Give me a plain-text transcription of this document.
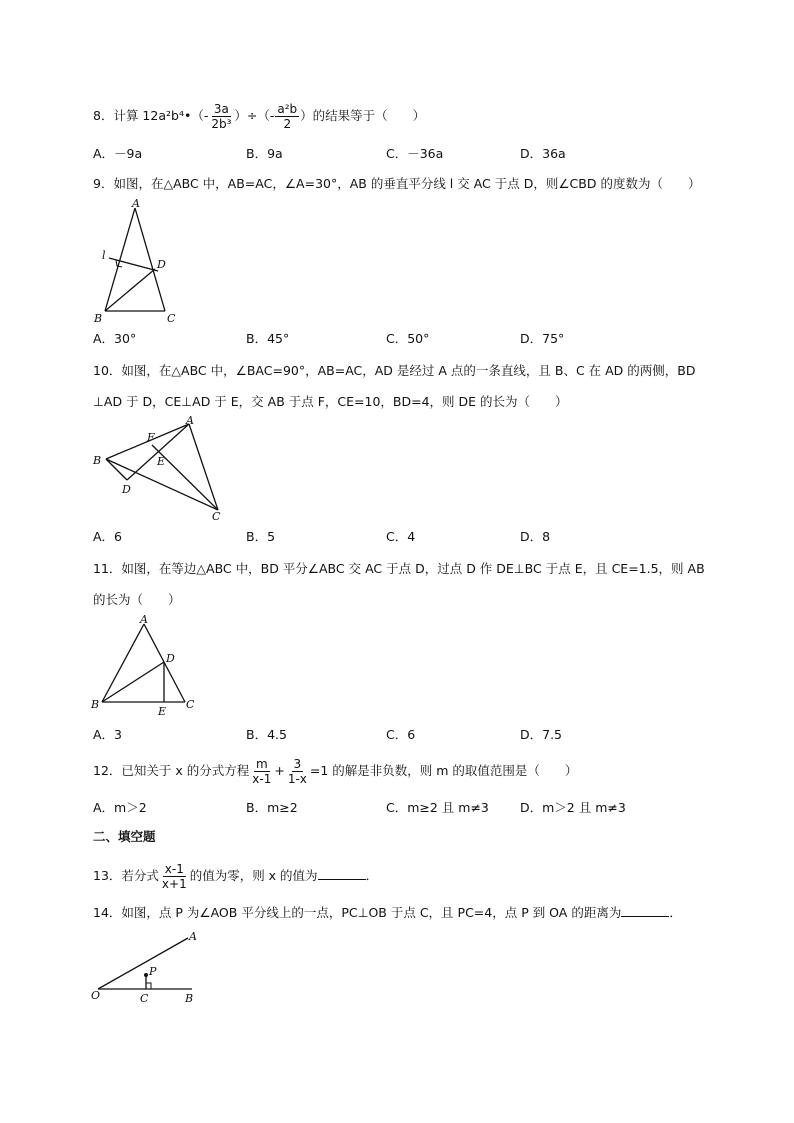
8．计算 12a²b⁴•（- $\frac{3a}{\text{2b³}}$ ）÷（- $\frac{\text{a²b}}{2}$ ）的结果等于（　　）
A．－9a	B．9a	C．－36a	D．36a
9．如图，在△ABC 中，AB=AC，∠A=30°，AB 的垂直平分线 l 交 AC 于点 D，则∠CBD 的度数为（　　）
A
B	C
D
l
A．30°	B．45°	C．50°	D．75°
10．如图，在△ABC 中，∠BAC=90°，AB=AC，AD 是经过 A 点的一条直线，且 B、C 在 AD 的两侧，BD
⊥AD 于 D，CE⊥AD 于 E，交 AB 于点 F，CE=10，BD=4，则 DE 的长为（　　）
A
B
C
D
E
F
A．6	B．5	C．4	D．8
11．如图，在等边△ABC 中，BD 平分∠ABC 交 AC 于点 D，过点 D 作 DE⊥BC 于点 E，且 CE=1.5，则 AB
的长为（　　）
A
B	C
D
E
A．3	B．4.5	C．6	D．7.5
12．已知关于 x 的分式方程 $\frac{m}{x-1} + \frac{3}{1-x} =1$ 的解是非负数，则 m 的取值范围是（　　）
A．m＞2	B．m≥2	C．m≥2 且 m≠3 D．m＞2 且 m≠3
二、填空题
13．若分式 $\frac{x-1}{x+1}$ 的值为零，则 x 的值为	．
14．如图，点 P 为∠AOB 平分线上的一点，PC⊥OB 于点 C，且 PC=4，点 P 到 OA 的距离为	．
A
B
C
O
P
